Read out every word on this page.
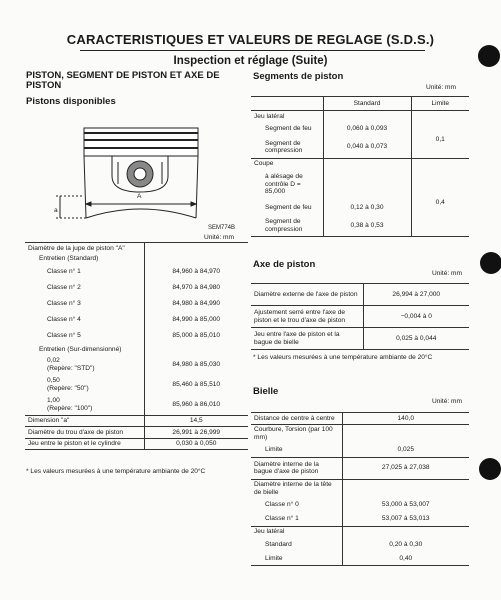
CARACTERISTIQUES ET VALEURS DE REGLAGE (S.D.S.)
Inspection et réglage (Suite)
PISTON, SEGMENT DE PISTON ET AXE DE PISTON
Pistons disponibles
A
a
SEM774B
Unité: mm
Diamètre de la jupe de piston "A"	
Entretien (Standard)	
Classe n° 1	84,960 à 84,970
Classe n° 2	84,970 à 84,980
Classe n° 3	84,980 à 84,990
Classe n° 4	84,990 à 85,000
Classe n° 5	85,000 à 85,010
Entretien (Sur-dimensionné)	

0,02
(Repère: "STD")	84,980 à 85,030

0,50
(Repère: "50")	85,460 à 85,510

1,00
(Repère: "100")	85,960 à 86,010
Dimension "a"	14,5
Diamètre du trou d'axe de piston	26,991 à 26,999
Jeu entre le piston et le cylindre	0,030 à 0,050
* Les valeurs mesurées à une température ambiante de 20°C
Segments de piston
Unité: mm
	Standard	Limite
Jeu latéral		
Segment de feu	0,060 à 0,093	0,1
Segment de compression	0,040 à 0,073	
Coupe		
à alésage de contrôle D = 85,000		0,4
Segment de feu	0,12 à 0,30	
Segment de compression	0,38 à 0,53	
Axe de piston
Unité: mm
Diamètre externe de l'axe de piston	26,994 à 27,000
Ajustement serré entre l'axe de piston et le trou d'axe de piston	−0,004 à 0
Jeu entre l'axe de piston et la bague de bielle	0,025 à 0,044
* Les valeurs mesurées à une température ambiante de 20°C
Bielle
Unité: mm
Distance de centre à centre	140,0
Courbure, Torsion (par 100 mm)	
Limite	0,025
Diamètre interne de la bague d'axe de piston	27,025 à 27,038
Diamètre interne de la tête de bielle	
Classe n° 0	53,000 à 53,007
Classe n° 1	53,007 à 53,013
Jeu latéral	
Standard	0,20 à 0,30
Limite	0,40
